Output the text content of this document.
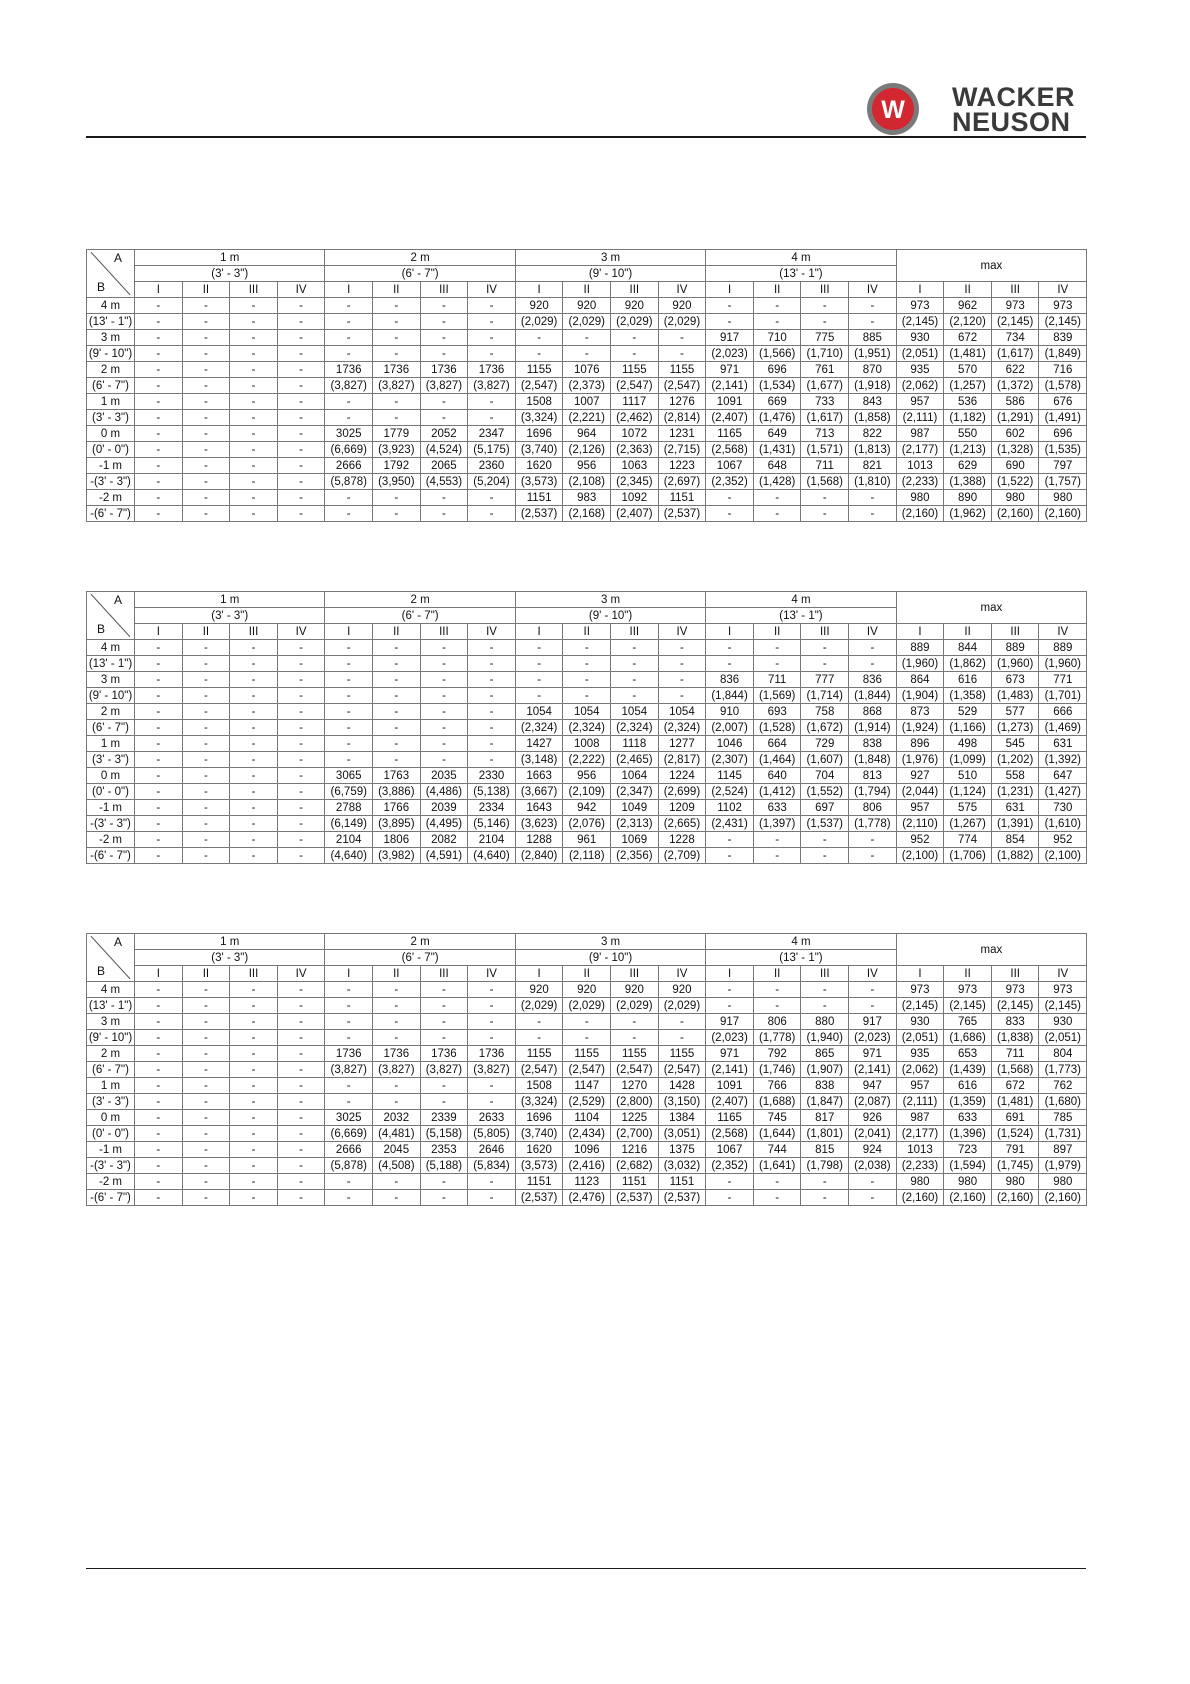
W WACKER
NEUSON
A
B	1 m				2 m				3 m				4 m				max			
	(3' - 3")				(6' - 7")				(9' - 10")				(13' - 1")							
	I	II	III	IV	I	II	III	IV	I	II	III	IV	I	II	III	IV	I	II	III	IV
4 m	-	-	-	-	-	-	-	-	920	920	920	920	-	-	-	-	973	962	973	973
(13' - 1")	-	-	-	-	-	-	-	-	(2,029)	(2,029)	(2,029)	(2,029)	-	-	-	-	(2,145)	(2,120)	(2,145)	(2,145)
3 m	-	-	-	-	-	-	-	-	-	-	-	-	917	710	775	885	930	672	734	839
(9' - 10")	-	-	-	-	-	-	-	-	-	-	-	-	(2,023)	(1,566)	(1,710)	(1,951)	(2,051)	(1,481)	(1,617)	(1,849)
2 m	-	-	-	-	1736	1736	1736	1736	1155	1076	1155	1155	971	696	761	870	935	570	622	716
(6' - 7")	-	-	-	-	(3,827)	(3,827)	(3,827)	(3,827)	(2,547)	(2,373)	(2,547)	(2,547)	(2,141)	(1,534)	(1,677)	(1,918)	(2,062)	(1,257)	(1,372)	(1,578)
1 m	-	-	-	-	-	-	-	-	1508	1007	1117	1276	1091	669	733	843	957	536	586	676
(3' - 3")	-	-	-	-	-	-	-	-	(3,324)	(2,221)	(2,462)	(2,814)	(2,407)	(1,476)	(1,617)	(1,858)	(2,111)	(1,182)	(1,291)	(1,491)
0 m	-	-	-	-	3025	1779	2052	2347	1696	964	1072	1231	1165	649	713	822	987	550	602	696
(0' - 0")	-	-	-	-	(6,669)	(3,923)	(4,524)	(5,175)	(3,740)	(2,126)	(2,363)	(2,715)	(2,568)	(1,431)	(1,571)	(1,813)	(2,177)	(1,213)	(1,328)	(1,535)
-1 m	-	-	-	-	2666	1792	2065	2360	1620	956	1063	1223	1067	648	711	821	1013	629	690	797
-(3' - 3")	-	-	-	-	(5,878)	(3,950)	(4,553)	(5,204)	(3,573)	(2,108)	(2,345)	(2,697)	(2,352)	(1,428)	(1,568)	(1,810)	(2,233)	(1,388)	(1,522)	(1,757)
-2 m	-	-	-	-	-	-	-	-	1151	983	1092	1151	-	-	-	-	980	890	980	980
-(6' - 7")	-	-	-	-	-	-	-	-	(2,537)	(2,168)	(2,407)	(2,537)	-	-	-	-	(2,160)	(1,962)	(2,160)	(2,160)
A
B	1 m				2 m				3 m				4 m				max			
	(3' - 3")				(6' - 7")				(9' - 10")				(13' - 1")							
	I	II	III	IV	I	II	III	IV	I	II	III	IV	I	II	III	IV	I	II	III	IV
4 m	-	-	-	-	-	-	-	-	-	-	-	-	-	-	-	-	889	844	889	889
(13' - 1")	-	-	-	-	-	-	-	-	-	-	-	-	-	-	-	-	(1,960)	(1,862)	(1,960)	(1,960)
3 m	-	-	-	-	-	-	-	-	-	-	-	-	836	711	777	836	864	616	673	771
(9' - 10")	-	-	-	-	-	-	-	-	-	-	-	-	(1,844)	(1,569)	(1,714)	(1,844)	(1,904)	(1,358)	(1,483)	(1,701)
2 m	-	-	-	-	-	-	-	-	1054	1054	1054	1054	910	693	758	868	873	529	577	666
(6' - 7")	-	-	-	-	-	-	-	-	(2,324)	(2,324)	(2,324)	(2,324)	(2,007)	(1,528)	(1,672)	(1,914)	(1,924)	(1,166)	(1,273)	(1,469)
1 m	-	-	-	-	-	-	-	-	1427	1008	1118	1277	1046	664	729	838	896	498	545	631
(3' - 3")	-	-	-	-	-	-	-	-	(3,148)	(2,222)	(2,465)	(2,817)	(2,307)	(1,464)	(1,607)	(1,848)	(1,976)	(1,099)	(1,202)	(1,392)
0 m	-	-	-	-	3065	1763	2035	2330	1663	956	1064	1224	1145	640	704	813	927	510	558	647
(0' - 0")	-	-	-	-	(6,759)	(3,886)	(4,486)	(5,138)	(3,667)	(2,109)	(2,347)	(2,699)	(2,524)	(1,412)	(1,552)	(1,794)	(2,044)	(1,124)	(1,231)	(1,427)
-1 m	-	-	-	-	2788	1766	2039	2334	1643	942	1049	1209	1102	633	697	806	957	575	631	730
-(3' - 3")	-	-	-	-	(6,149)	(3,895)	(4,495)	(5,146)	(3,623)	(2,076)	(2,313)	(2,665)	(2,431)	(1,397)	(1,537)	(1,778)	(2,110)	(1,267)	(1,391)	(1,610)
-2 m	-	-	-	-	2104	1806	2082	2104	1288	961	1069	1228	-	-	-	-	952	774	854	952
-(6' - 7")	-	-	-	-	(4,640)	(3,982)	(4,591)	(4,640)	(2,840)	(2,118)	(2,356)	(2,709)	-	-	-	-	(2,100)	(1,706)	(1,882)	(2,100)
A
B	1 m				2 m				3 m				4 m				max			
	(3' - 3")				(6' - 7")				(9' - 10")				(13' - 1")							
	I	II	III	IV	I	II	III	IV	I	II	III	IV	I	II	III	IV	I	II	III	IV
4 m	-	-	-	-	-	-	-	-	920	920	920	920	-	-	-	-	973	973	973	973
(13' - 1")	-	-	-	-	-	-	-	-	(2,029)	(2,029)	(2,029)	(2,029)	-	-	-	-	(2,145)	(2,145)	(2,145)	(2,145)
3 m	-	-	-	-	-	-	-	-	-	-	-	-	917	806	880	917	930	765	833	930
(9' - 10")	-	-	-	-	-	-	-	-	-	-	-	-	(2,023)	(1,778)	(1,940)	(2,023)	(2,051)	(1,686)	(1,838)	(2,051)
2 m	-	-	-	-	1736	1736	1736	1736	1155	1155	1155	1155	971	792	865	971	935	653	711	804
(6' - 7")	-	-	-	-	(3,827)	(3,827)	(3,827)	(3,827)	(2,547)	(2,547)	(2,547)	(2,547)	(2,141)	(1,746)	(1,907)	(2,141)	(2,062)	(1,439)	(1,568)	(1,773)
1 m	-	-	-	-	-	-	-	-	1508	1147	1270	1428	1091	766	838	947	957	616	672	762
(3' - 3")	-	-	-	-	-	-	-	-	(3,324)	(2,529)	(2,800)	(3,150)	(2,407)	(1,688)	(1,847)	(2,087)	(2,111)	(1,359)	(1,481)	(1,680)
0 m	-	-	-	-	3025	2032	2339	2633	1696	1104	1225	1384	1165	745	817	926	987	633	691	785
(0' - 0")	-	-	-	-	(6,669)	(4,481)	(5,158)	(5,805)	(3,740)	(2,434)	(2,700)	(3,051)	(2,568)	(1,644)	(1,801)	(2,041)	(2,177)	(1,396)	(1,524)	(1,731)
-1 m	-	-	-	-	2666	2045	2353	2646	1620	1096	1216	1375	1067	744	815	924	1013	723	791	897
-(3' - 3")	-	-	-	-	(5,878)	(4,508)	(5,188)	(5,834)	(3,573)	(2,416)	(2,682)	(3,032)	(2,352)	(1,641)	(1,798)	(2,038)	(2,233)	(1,594)	(1,745)	(1,979)
-2 m	-	-	-	-	-	-	-	-	1151	1123	1151	1151	-	-	-	-	980	980	980	980
-(6' - 7")	-	-	-	-	-	-	-	-	(2,537)	(2,476)	(2,537)	(2,537)	-	-	-	-	(2,160)	(2,160)	(2,160)	(2,160)
